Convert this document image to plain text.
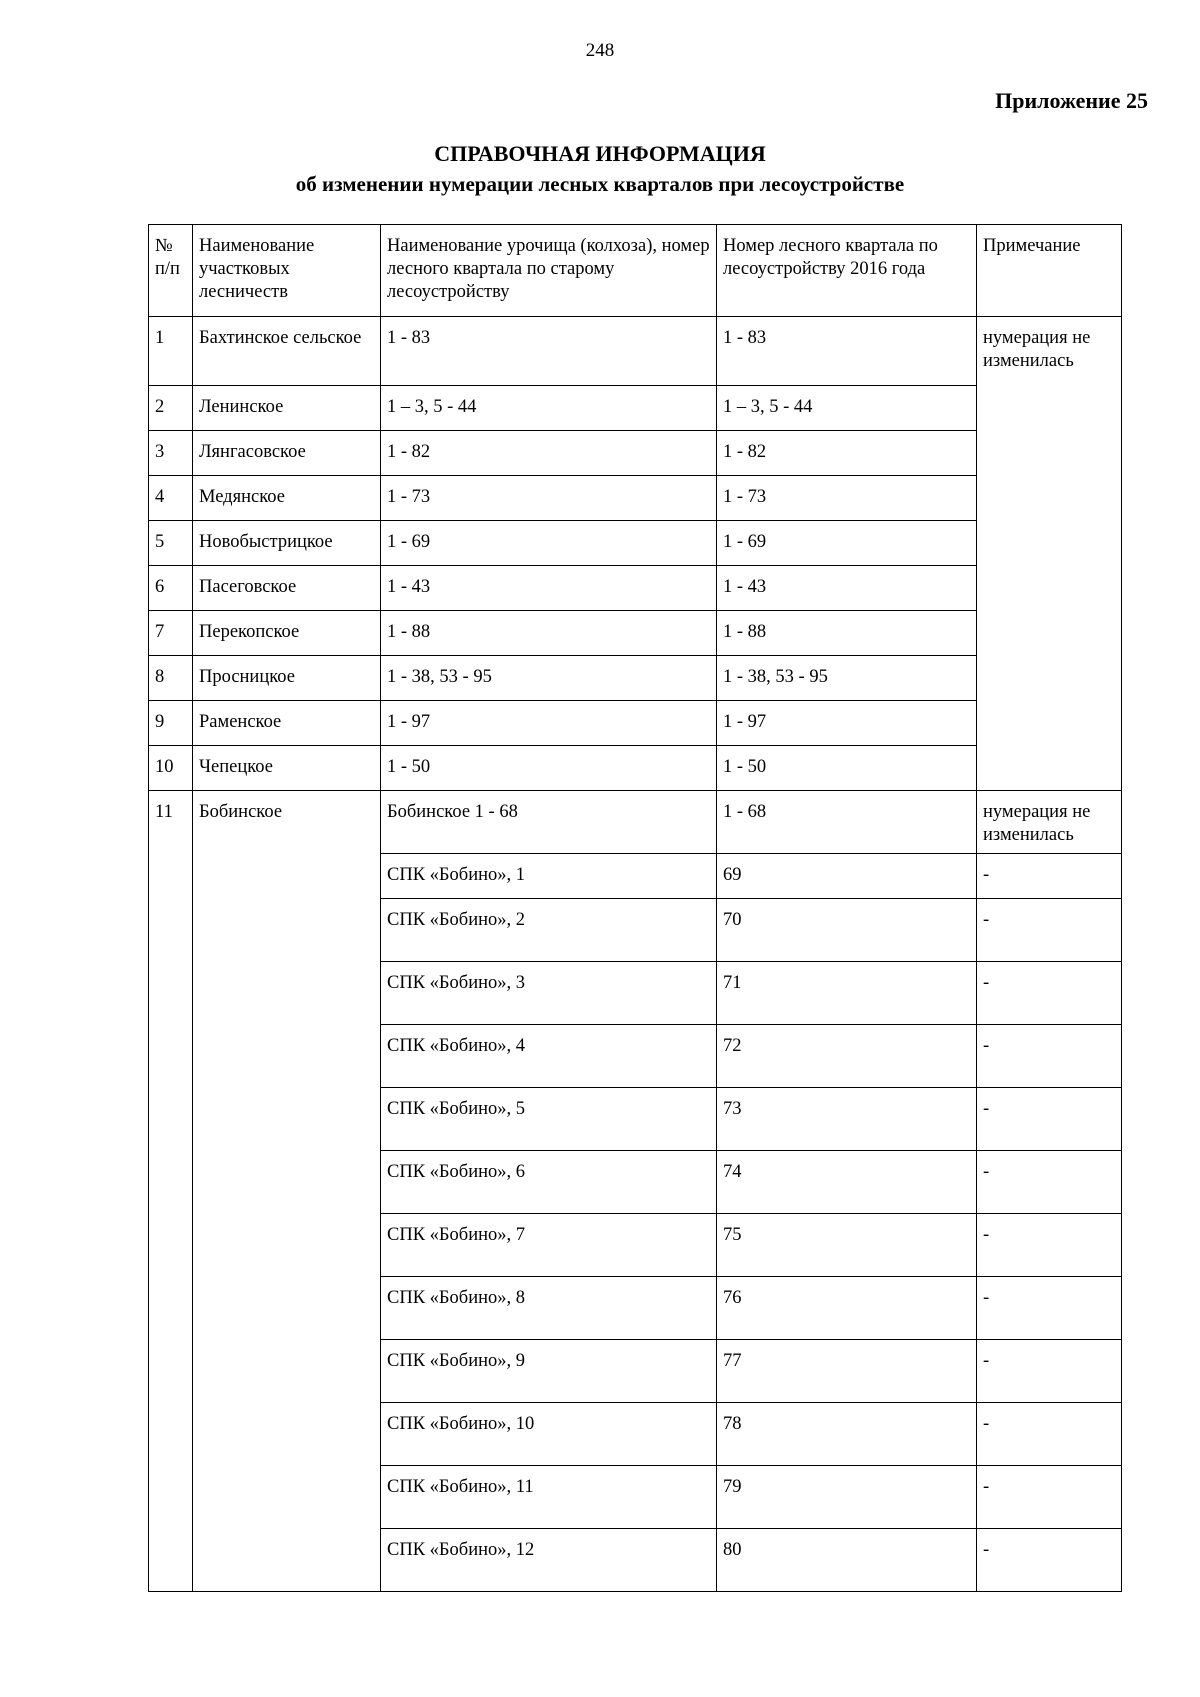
248
Приложение 25
СПРАВОЧНАЯ ИНФОРМАЦИЯ
об изменении нумерации лесных кварталов при лесоустройстве
№ п/п	Наименование участковых лесничеств	Наименование урочища (колхоза), номер лесного квартала по старому лесоустройству	Номер лесного квартала по лесоустройству 2016 года	Примечание
1	Бахтинское сельское	1 - 83	1 - 83	нумерация не изменилась
2	Ленинское	1 – 3, 5 - 44	1 – 3, 5 - 44	
3	Лянгасовское	1 - 82	1 - 82	
4	Медянское	1 - 73	1 - 73	
5	Новобыстрицкое	1 - 69	1 - 69	
6	Пасеговское	1 - 43	1 - 43	
7	Перекопское	1 - 88	1 - 88	
8	Просницкое	1 - 38, 53 - 95	1 - 38, 53 - 95	
9	Раменское	1 - 97	1 - 97	
10	Чепецкое	1 - 50	1 - 50	
11	Бобинское	Бобинское 1 - 68	1 - 68	нумерация не изменилась
		СПК «Бобино», 1	69	-
		СПК «Бобино», 2	70	-
		СПК «Бобино», 3	71	-
		СПК «Бобино», 4	72	-
		СПК «Бобино», 5	73	-
		СПК «Бобино», 6	74	-
		СПК «Бобино», 7	75	-
		СПК «Бобино», 8	76	-
		СПК «Бобино», 9	77	-
		СПК «Бобино», 10	78	-
		СПК «Бобино», 11	79	-
		СПК «Бобино», 12	80	-
